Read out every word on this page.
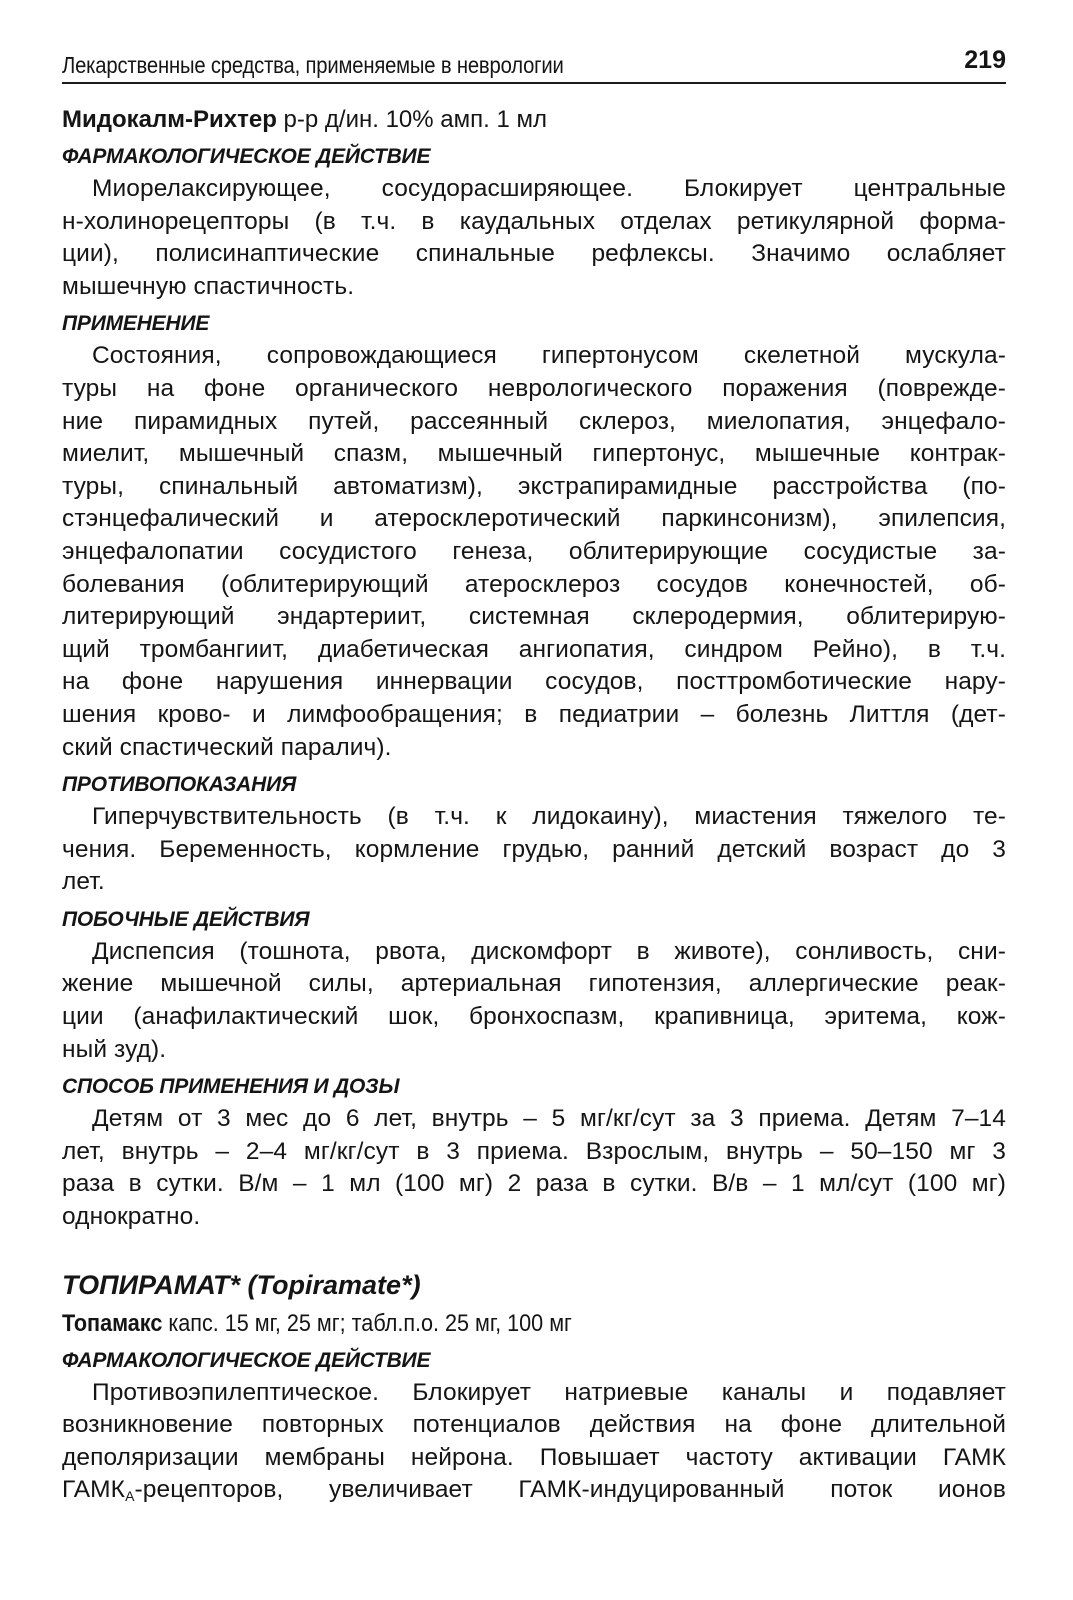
Лекарственные средства, применяемые в неврологии	219

Мидокалм-Рихтер р-р д/ин. 10% амп. 1 мл

ФАРМАКОЛОГИЧЕСКОЕ ДЕЙСТВИЕ

Миорелаксирующее, сосудорасширяющее. Блокирует центральные
н-холинорецепторы (в т.ч. в каудальных отделах ретикулярной форма-
ции), полисинаптические спинальные рефлексы. Значимо ослабляет
мышечную спастичность.

ПРИМЕНЕНИЕ

Состояния, сопровождающиеся гипертонусом скелетной мускула-
туры на фоне органического неврологического поражения (поврежде-
ние пирамидных путей, рассеянный склероз, миелопатия, энцефало-
миелит, мышечный спазм, мышечный гипертонус, мышечные контрак-
туры, спинальный автоматизм), экстрапирамидные расстройства (по-
стэнцефалический и атеросклеротический паркинсонизм), эпилепсия,
энцефалопатии сосудистого генеза, облитерирующие сосудистые за-
болевания (облитерирующий атеросклероз сосудов конечностей, об-
литерирующий эндартериит, системная склеродермия, облитерирую-
щий тромбангиит, диабетическая ангиопатия, синдром Рейно), в т.ч.
на фоне нарушения иннервации сосудов, посттромботические нару-
шения крово- и лимфообращения; в педиатрии – болезнь Литтля (дет-
ский спастический паралич).

ПРОТИВОПОКАЗАНИЯ

Гиперчувствительность (в т.ч. к лидокаину), миастения тяжелого те-
чения. Беременность, кормление грудью, ранний детский возраст до 3
лет.

ПОБОЧНЫЕ ДЕЙСТВИЯ

Диспепсия (тошнота, рвота, дискомфорт в животе), сонливость, сни-
жение мышечной силы, артериальная гипотензия, аллергические реак-
ции (анафилактический шок, бронхоспазм, крапивница, эритема, кож-
ный зуд).

СПОСОБ ПРИМЕНЕНИЯ И ДОЗЫ

Детям от 3 мес до 6 лет, внутрь – 5 мг/кг/сут за 3 приема. Детям 7–14
лет, внутрь – 2–4 мг/кг/сут в 3 приема. Взрослым, внутрь – 50–150 мг 3
раза в сутки. В/м – 1 мл (100 мг) 2 раза в сутки. В/в – 1 мл/сут (100 мг)
однократно.

ТОПИРАМАТ* (Topiramate*)

Топамакс капс. 15 мг, 25 мг; табл.п.о. 25 мг, 100 мг

ФАРМАКОЛОГИЧЕСКОЕ ДЕЙСТВИЕ

Противоэпилептическое. Блокирует натриевые каналы и подавляет
возникновение повторных потенциалов действия на фоне длительной
деполяризации мембраны нейрона. Повышает частоту активации ГАМК
$ГАМК_А$-рецепторов, увеличивает ГАМК-индуцированный поток ионов
